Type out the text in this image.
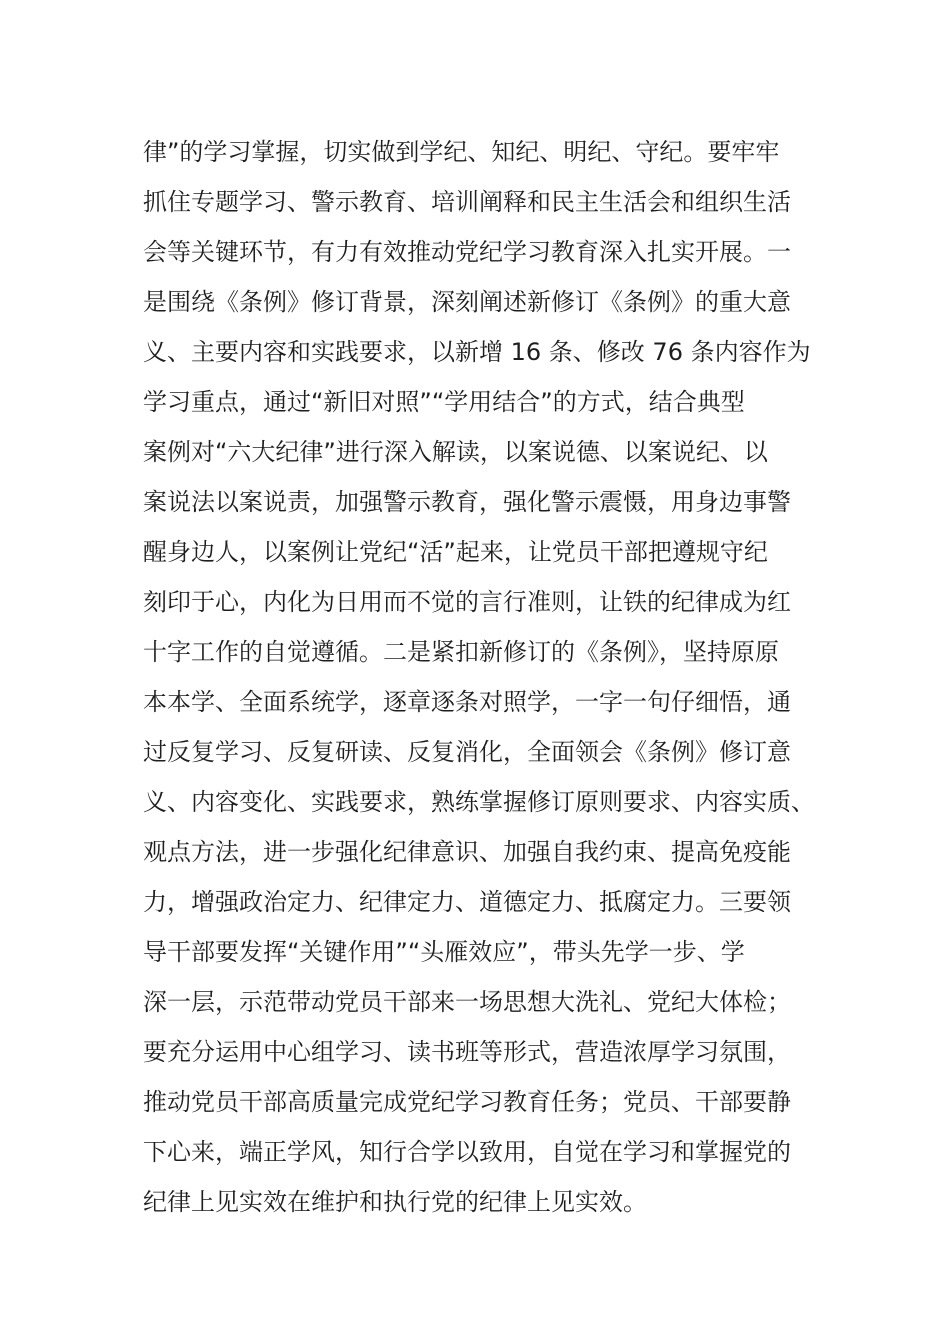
律”的学习掌握，切实做到学纪、知纪、明纪、守纪。要牢牢
抓住专题学习、警示教育、培训阐释和民主生活会和组织生活
会等关键环节，有力有效推动党纪学习教育深入扎实开展。一
是围绕《条例》修订背景，深刻阐述新修订《条例》的重大意
义、主要内容和实践要求，以新增 16 条、修改 76 条内容作为
学习重点，通过“新旧对照”“学用结合”的方式，结合典型
案例对“六大纪律”进行深入解读，以案说德、以案说纪、以
案说法以案说责，加强警示教育，强化警示震慑，用身边事警
醒身边人，以案例让党纪“活”起来，让党员干部把遵规守纪
刻印于心，内化为日用而不觉的言行准则，让铁的纪律成为红
十字工作的自觉遵循。二是紧扣新修订的《条例》，坚持原原
本本学、全面系统学，逐章逐条对照学，一字一句仔细悟，通
过反复学习、反复研读、反复消化，全面领会《条例》修订意
义、内容变化、实践要求，熟练掌握修订原则要求、内容实质、
观点方法，进一步强化纪律意识、加强自我约束、提高免疫能
力，增强政治定力、纪律定力、道德定力、抵腐定力。三要领
导干部要发挥“关键作用”“头雁效应”，带头先学一步、学
深一层，示范带动党员干部来一场思想大洗礼、党纪大体检；
要充分运用中心组学习、读书班等形式，营造浓厚学习氛围，
推动党员干部高质量完成党纪学习教育任务；党员、干部要静
下心来，端正学风，知行合学以致用，自觉在学习和掌握党的
纪律上见实效在维护和执行党的纪律上见实效。
